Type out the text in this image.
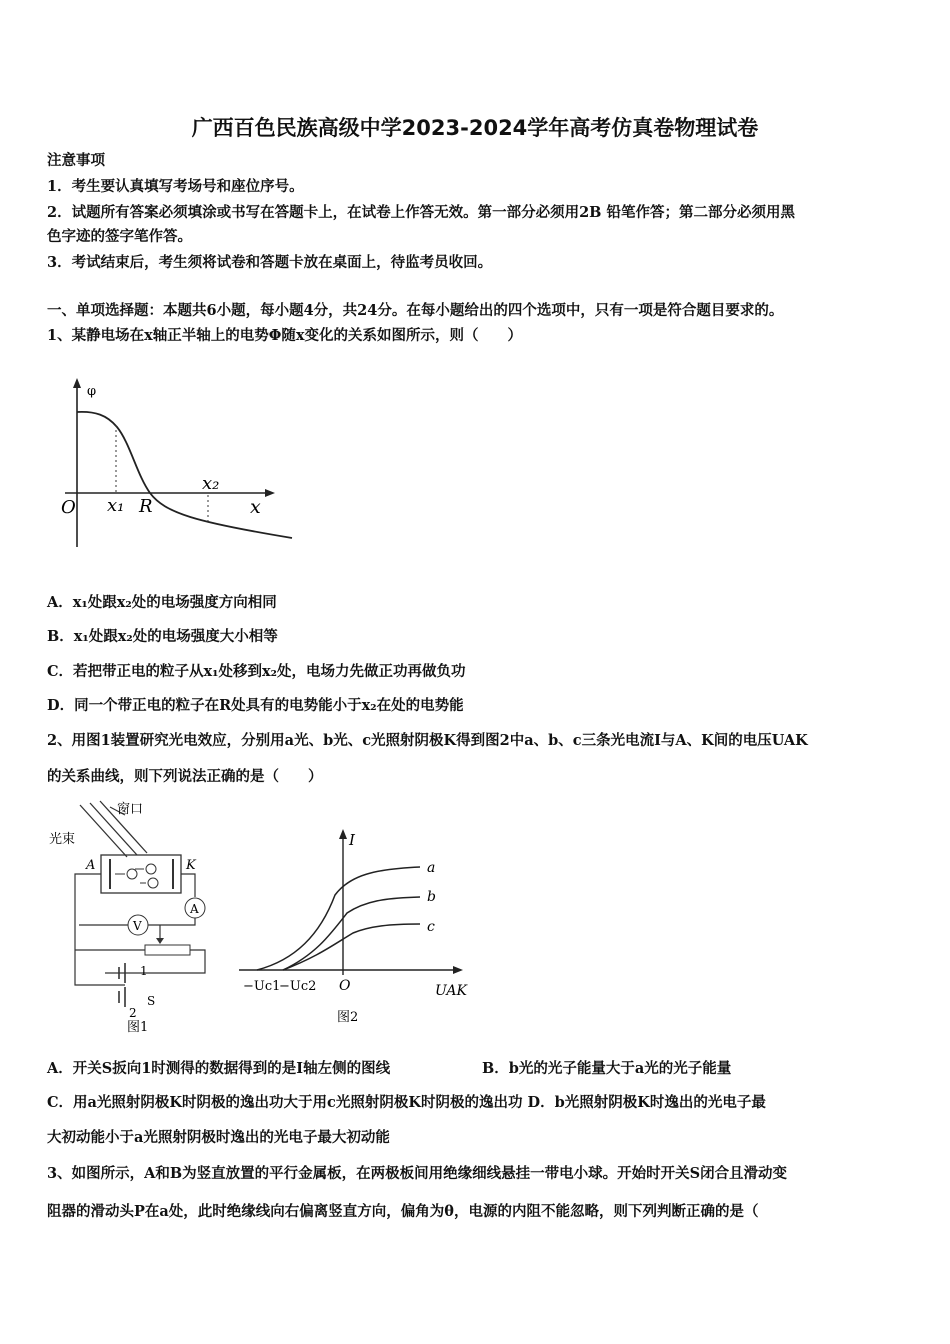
广西百色民族高级中学2023-2024学年高考仿真卷物理试卷
注意事项
1．考生要认真填写考场号和座位序号。
2．试题所有答案必须填涂或书写在答题卡上，在试卷上作答无效。第一部分必须用2B 铅笔作答；第二部分必须用黑
色字迹的签字笔作答。
3．考试结束后，考生须将试卷和答题卡放在桌面上，待监考员收回。
一、单项选择题：本题共6小题，每小题4分，共24分。在每小题给出的四个选项中，只有一项是符合题目要求的。
1、某静电场在x轴正半轴上的电势Φ随x变化的关系如图所示，则（　　）
φ
O x₁ R
x₂
x
A．x₁处跟x₂处的电场强度方向相同
B．x₁处跟x₂处的电场强度大小相等
C．若把带正电的粒子从x₁处移到x₂处，电场力先做正功再做负功
D．同一个带正电的粒子在R处具有的电势能小于x₂在处的电势能
2、用图1装置研究光电效应，分别用a光、b光、c光照射阴极K得到图2中a、b、c三条光电流I与A、K间的电压UAK
的关系曲线，则下列说法正确的是（　　）
窗口
光束
A	K
A
V
1
2
S
图1
I
a
b
c
−Uc1
−Uc2 O	UAK
图2
A．开关S扳向1时测得的数据得到的是I轴左侧的图线	B．b光的光子能量大于a光的光子能量
C．用a光照射阴极K时阴极的逸出功大于用c光照射阴极K时阴极的逸出功 D．b光照射阴极K时逸出的光电子最
大初动能小于a光照射阴极时逸出的光电子最大初动能
3、如图所示，A和B为竖直放置的平行金属板，在两极板间用绝缘细线悬挂一带电小球。开始时开关S闭合且滑动变
阻器的滑动头P在a处，此时绝缘线向右偏离竖直方向，偏角为θ，电源的内阻不能忽略，则下列判断正确的是（
